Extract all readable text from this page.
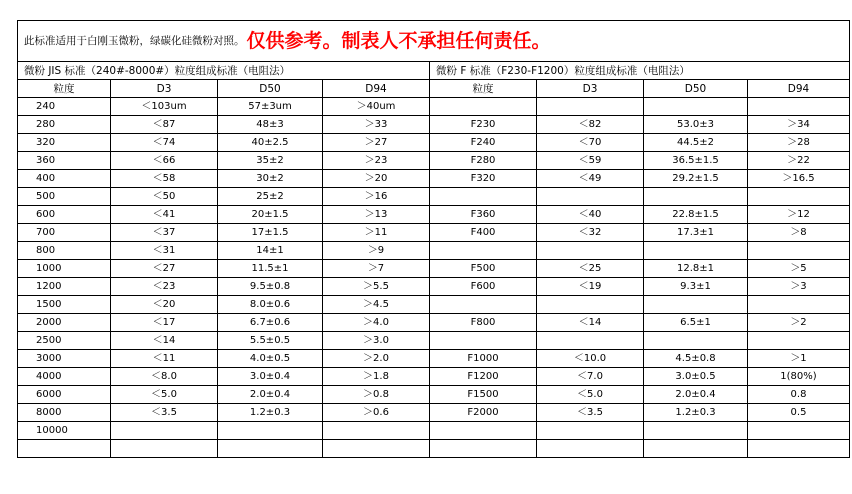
此标准适用于白刚玉微粉，绿碳化硅微粉对照。 仅供参考。制表人不承担任何责任。							
微粉 JIS 标准（240#-8000#）粒度组成标准（电阻法）				微粉 F 标准（F230-F1200）粒度组成标准（电阻法）			
粒度	D3	D50	D94	粒度	D3	D50	D94
240	＜103um	57±3um	＞40um				
280	＜87	48±3	＞33	F230	＜82	53.0±3	＞34
320	＜74	40±2.5	＞27	F240	＜70	44.5±2	＞28
360	＜66	35±2	＞23	F280	＜59	36.5±1.5	＞22
400	＜58	30±2	＞20	F320	＜49	29.2±1.5	＞16.5
500	＜50	25±2	＞16				
600	＜41	20±1.5	＞13	F360	＜40	22.8±1.5	＞12
700	＜37	17±1.5	＞11	F400	＜32	17.3±1	＞8
800	＜31	14±1	＞9				
1000	＜27	11.5±1	＞7	F500	＜25	12.8±1	＞5
1200	＜23	9.5±0.8	＞5.5	F600	＜19	9.3±1	＞3
1500	＜20	8.0±0.6	＞4.5				
2000	＜17	6.7±0.6	＞4.0	F800	＜14	6.5±1	＞2
2500	＜14	5.5±0.5	＞3.0				
3000	＜11	4.0±0.5	＞2.0	F1000	＜10.0	4.5±0.8	＞1
4000	＜8.0	3.0±0.4	＞1.8	F1200	＜7.0	3.0±0.5	1(80%)
6000	＜5.0	2.0±0.4	＞0.8	F1500	＜5.0	2.0±0.4	0.8
8000	＜3.5	1.2±0.3	＞0.6	F2000	＜3.5	1.2±0.3	0.5
10000							
